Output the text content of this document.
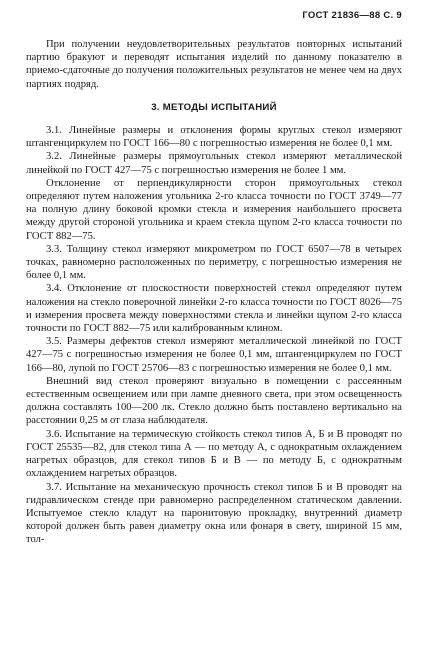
ГОСТ 21836—88 С. 9

При получении неудовлетворительных результатов повторных испытаний партию бракуют и переводят испытания изделий по данному показателю в приемо-сдаточные до получения положительных результатов не менее чем на двух партиях подряд.

3. МЕТОДЫ ИСПЫТАНИЙ

3.1. Линейные размеры и отклонения формы круглых стекол измеряют штангенциркулем по ГОСТ 166—80 с погрешностью измерения не более 0,1 мм.

3.2. Линейные размеры прямоугольных стекол измеряют металлической линейкой по ГОСТ 427—75 с погрешностью измерения не более 1 мм.

Отклонение от перпендикулярности сторон прямоугольных стекол определяют путем наложения угольника 2-го класса точности по ГОСТ 3749—77 на полную длину боковой кромки стекла и измерения наибольшего просвета между другой стороной угольника и краем стекла щупом 2-го класса точности по ГОСТ 882—75.

3.3. Толщину стекол измеряют микрометром по ГОСТ 6507—78 в четырех точках, равномерно расположенных по периметру, с погрешностью измерения не более 0,1 мм.

3.4. Отклонение от плоскостности поверхностей стекол определяют путем наложения на стекло поверочной линейки 2-го класса точности по ГОСТ 8026—75 и измерения просвета между поверхностями стекла и линейки щупом 2-го класса точности по ГОСТ 882—75 или калиброванным клином.

3.5. Размеры дефектов стекол измеряют металлической линейкой по ГОСТ 427—75 с погрешностью измерения не более 0,1 мм, штангенциркулем по ГОСТ 166—80, лупой по ГОСТ 25706—83 с погрешностью измерения не более 0,1 мм.

Внешний вид стекол проверяют визуально в помещении с рассеянным естественным освещением или при лампе дневного света, при этом освещенность должна составлять 100—200 лк. Стекло должно быть поставлено вертикально на расстоянии 0,25 м от глаза наблюдателя.

3.6. Испытание на термическую стойкость стекол типов А, Б и В проводят по ГОСТ 25535—82, для стекол типа А — по методу А, с однократным охлаждением нагретых образцов, для стекол типов Б и В — по методу Б, с однократным охлаждением нагретых образцов.

3.7. Испытание на механическую прочность стекол типов Б и В проводят на гидравлическом стенде при равномерно распределенном статическом давлении. Испытуемое стекло кладут на паронитовую прокладку, внутренний диаметр которой должен быть равен диаметру окна или фонаря в свету, шириной 15 мм, тол-
